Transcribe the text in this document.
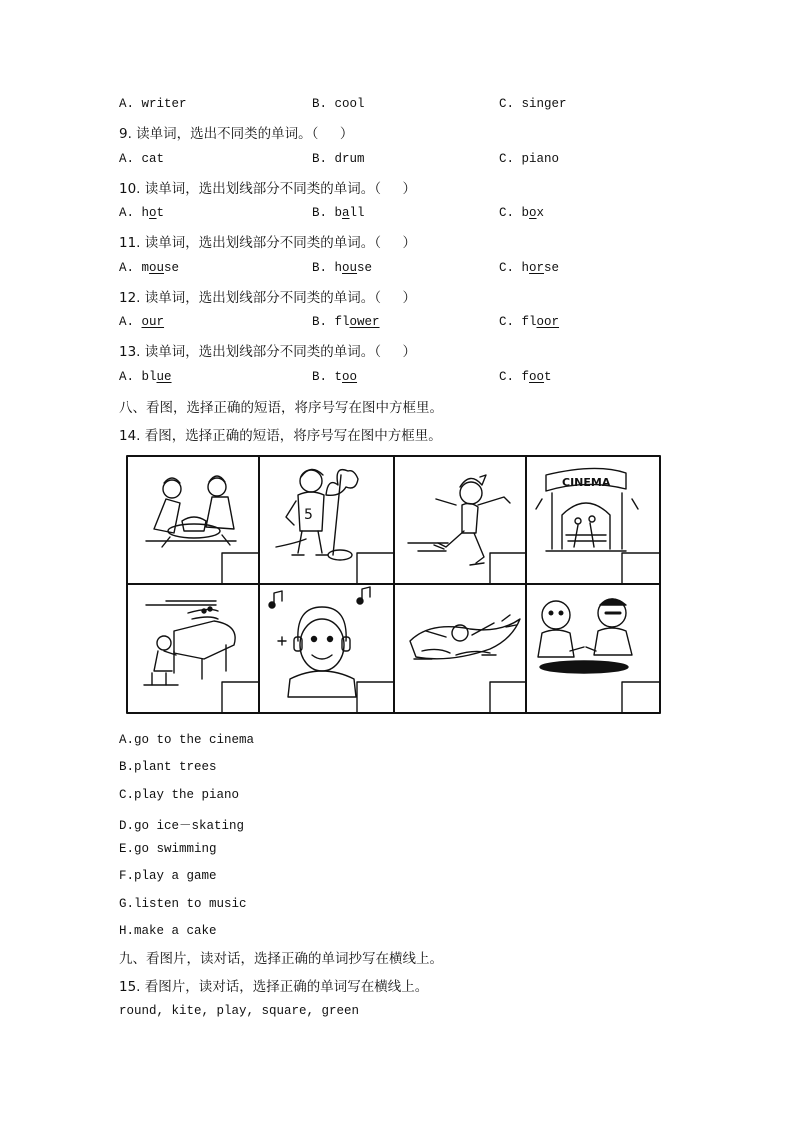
A. writer	B. cool	C. singer
9. 读单词，选出不同类的单词。（     ）
A. cat	B. drum	C. piano
10. 读单词，选出划线部分不同类的单词。（     ）
A. hot	B. ball	C. box
11. 读单词，选出划线部分不同类的单词。（     ）
A. mouse	B. house	C. horse
12. 读单词，选出划线部分不同类的单词。（     ）
A. our	B. flower	C. floor
13. 读单词，选出划线部分不同类的单词。（     ）
A. blue	B. too	C. foot
八、看图，选择正确的短语，将序号写在图中方框里。
14. 看图，选择正确的短语，将序号写在图中方框里。
5
CINEMA
A.go to the cinema
B.plant trees
C.play the piano
D.go ice－skating
E.go swimming
F.play a game
G.listen to music
H.make a cake
九、看图片，读对话，选择正确的单词抄写在横线上。
15. 看图片，读对话，选择正确的单词写在横线上。
round, kite, play, square, green
